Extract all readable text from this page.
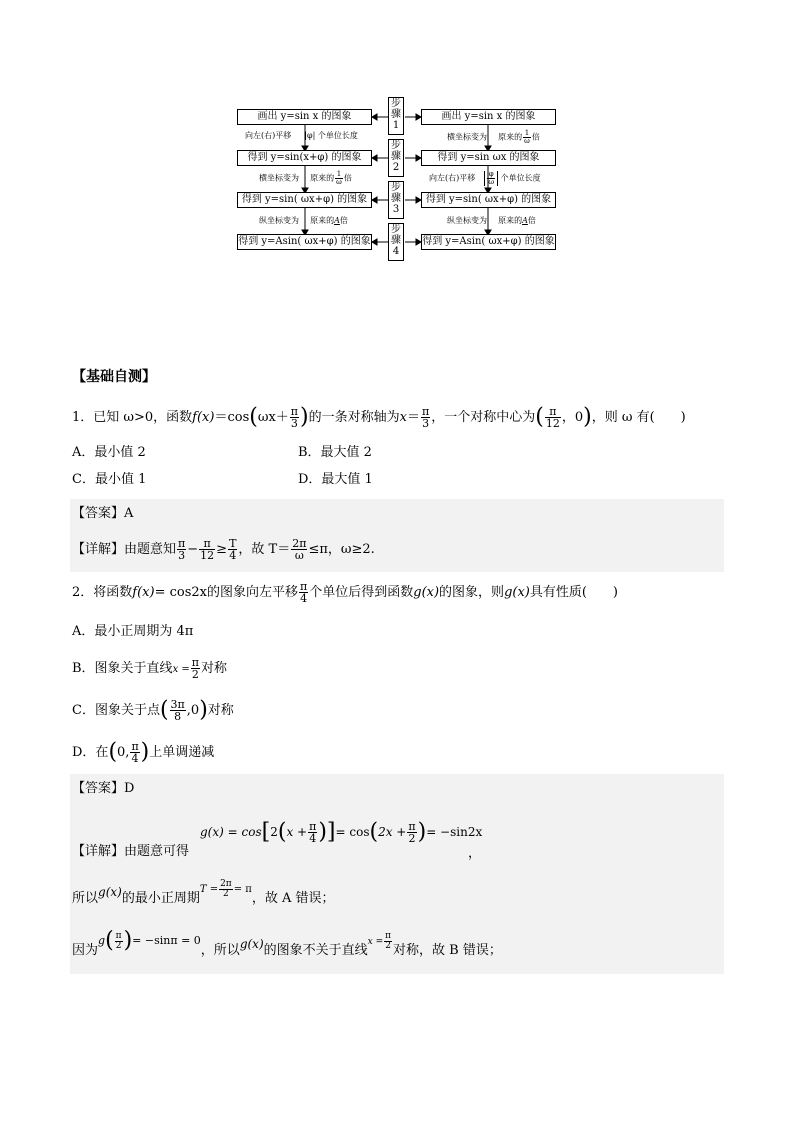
画出 y=sin x 的图象
得到 y=sin(x+φ) 的图象
得到 y=sin( ωx+φ) 的图象
得到 y=Asin( ωx+φ) 的图象
画出 y=sin x 的图象
得到 y=sin ωx 的图象
得到 y=sin( ωx+φ) 的图象
得到 y=Asin( ωx+φ) 的图象
步
骤
1
步
骤
2
步
骤
3
步
骤
4
向左(右)平移 |φ| 个单位长度
横坐标变为 原来的 $\frac{1}{\omega}$ 倍
纵坐标变为 原来的A倍
横坐标变为 原来的 $\frac{1}{\omega}$ 倍
向左(右)平移 $\frac{\varphi}{\omega}$ 个单位长度
纵坐标变为 原来的A倍
【基础自测】
1．已知 ω>0，函数$f(x)=\cos(\omega x+ \frac{\pi}{3}$ )的一条对称轴为$x= \frac{\pi}{3}$ ，一个对称中心为( $\frac{\pi}{12}$ ，0)，则 ω 有(　　)
A．最小值 2	B．最大值 2
C．最小值 1	D．最大值 1
【答案】A
【详解】由题意知 $\frac{\pi}{3} - \frac{\pi}{12} \ge \frac{T}{4}$ ，故 $T= \frac{2\pi}{\omega} \le\pi$，ω≥2.
2．将函数f(x)= cos2x的图象向左平移 $\frac{\pi}{4}$ 个单位后得到函数g(x)的图象，则g(x)具有性质(　　)
A．最小正周期为 4π
B．图象关于直线$x = \frac{\pi}{2}$ 对称
C．图象关于点( $\frac{3\pi}{8} ,0$)对称
D．在(0, $\frac{\pi}{4}$ )上单调递减
【答案】D
$g(x) = \cos[2(x + \frac{\pi}{4}$ )]= $\cos(2x + \frac{\pi}{2}$ )= −sin2x
【详解】由题意可得	，
所以g(x)的最小正周期$^{T = \frac{2\pi}{2} = \pi}$，故 A 错误；
因为$^{g( \frac{\pi}{2} )= -sin\pi = 0}$，所以g(x)的图象不关于直线$^{x = \frac{\pi}{2}}$ 对称，故 B 错误；
